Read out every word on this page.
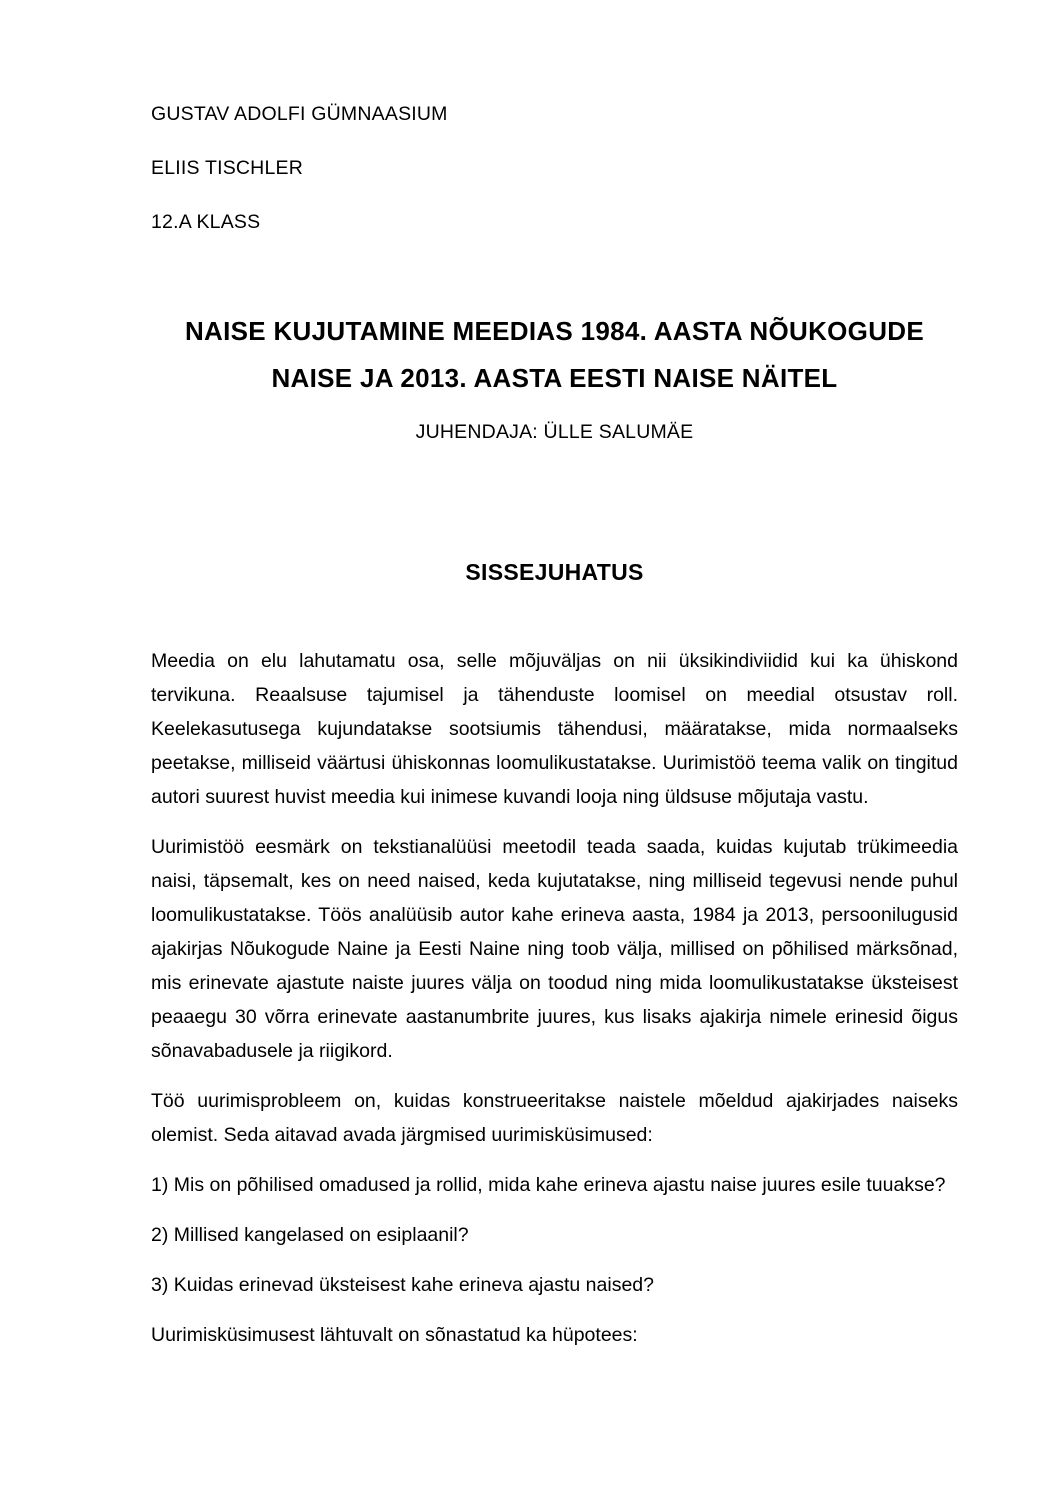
GUSTAV ADOLFI GÜMNAASIUM
ELIIS TISCHLER
12.A KLASS
NAISE KUJUTAMINE MEEDIAS 1984. AASTA NÕUKOGUDE
NAISE JA 2013. AASTA EESTI NAISE NÄITEL
JUHENDAJA: ÜLLE SALUMÄE
SISSEJUHATUS

Meedia on elu lahutamatu osa, selle mõjuväljas on nii üksikindiviidid kui ka ühiskond tervikuna. Reaalsuse tajumisel ja tähenduste loomisel on meedial otsustav roll. Keelekasutusega kujundatakse sootsiumis tähendusi, määratakse, mida normaalseks peetakse, milliseid väärtusi ühiskonnas loomulikustatakse. Uurimistöö teema valik on tingitud autori suurest huvist meedia kui inimese kuvandi looja ning üldsuse mõjutaja vastu.

Uurimistöö eesmärk on tekstianalüüsi meetodil teada saada, kuidas kujutab trükimeedia naisi, täpsemalt, kes on need naised, keda kujutatakse, ning milliseid tegevusi nende puhul loomulikustatakse. Töös analüüsib autor kahe erineva aasta, 1984 ja 2013, persoonilugusid ajakirjas Nõukogude Naine ja Eesti Naine ning toob välja, millised on põhilised märksõnad, mis erinevate ajastute naiste juures välja on toodud ning mida loomulikustatakse üksteisest peaaegu 30 võrra erinevate aastanumbrite juures, kus lisaks ajakirja nimele erinesid õigus sõnavabadusele ja riigikord.

Töö uurimisprobleem on, kuidas konstrueeritakse naistele mõeldud ajakirjades naiseks olemist. Seda aitavad avada järgmised uurimisküsimused:

1) Mis on põhilised omadused ja rollid, mida kahe erineva ajastu naise juures esile tuuakse?

2) Millised kangelased on esiplaanil?

3) Kuidas erinevad üksteisest kahe erineva ajastu naised?

Uurimisküsimusest lähtuvalt on sõnastatud ka hüpotees:
